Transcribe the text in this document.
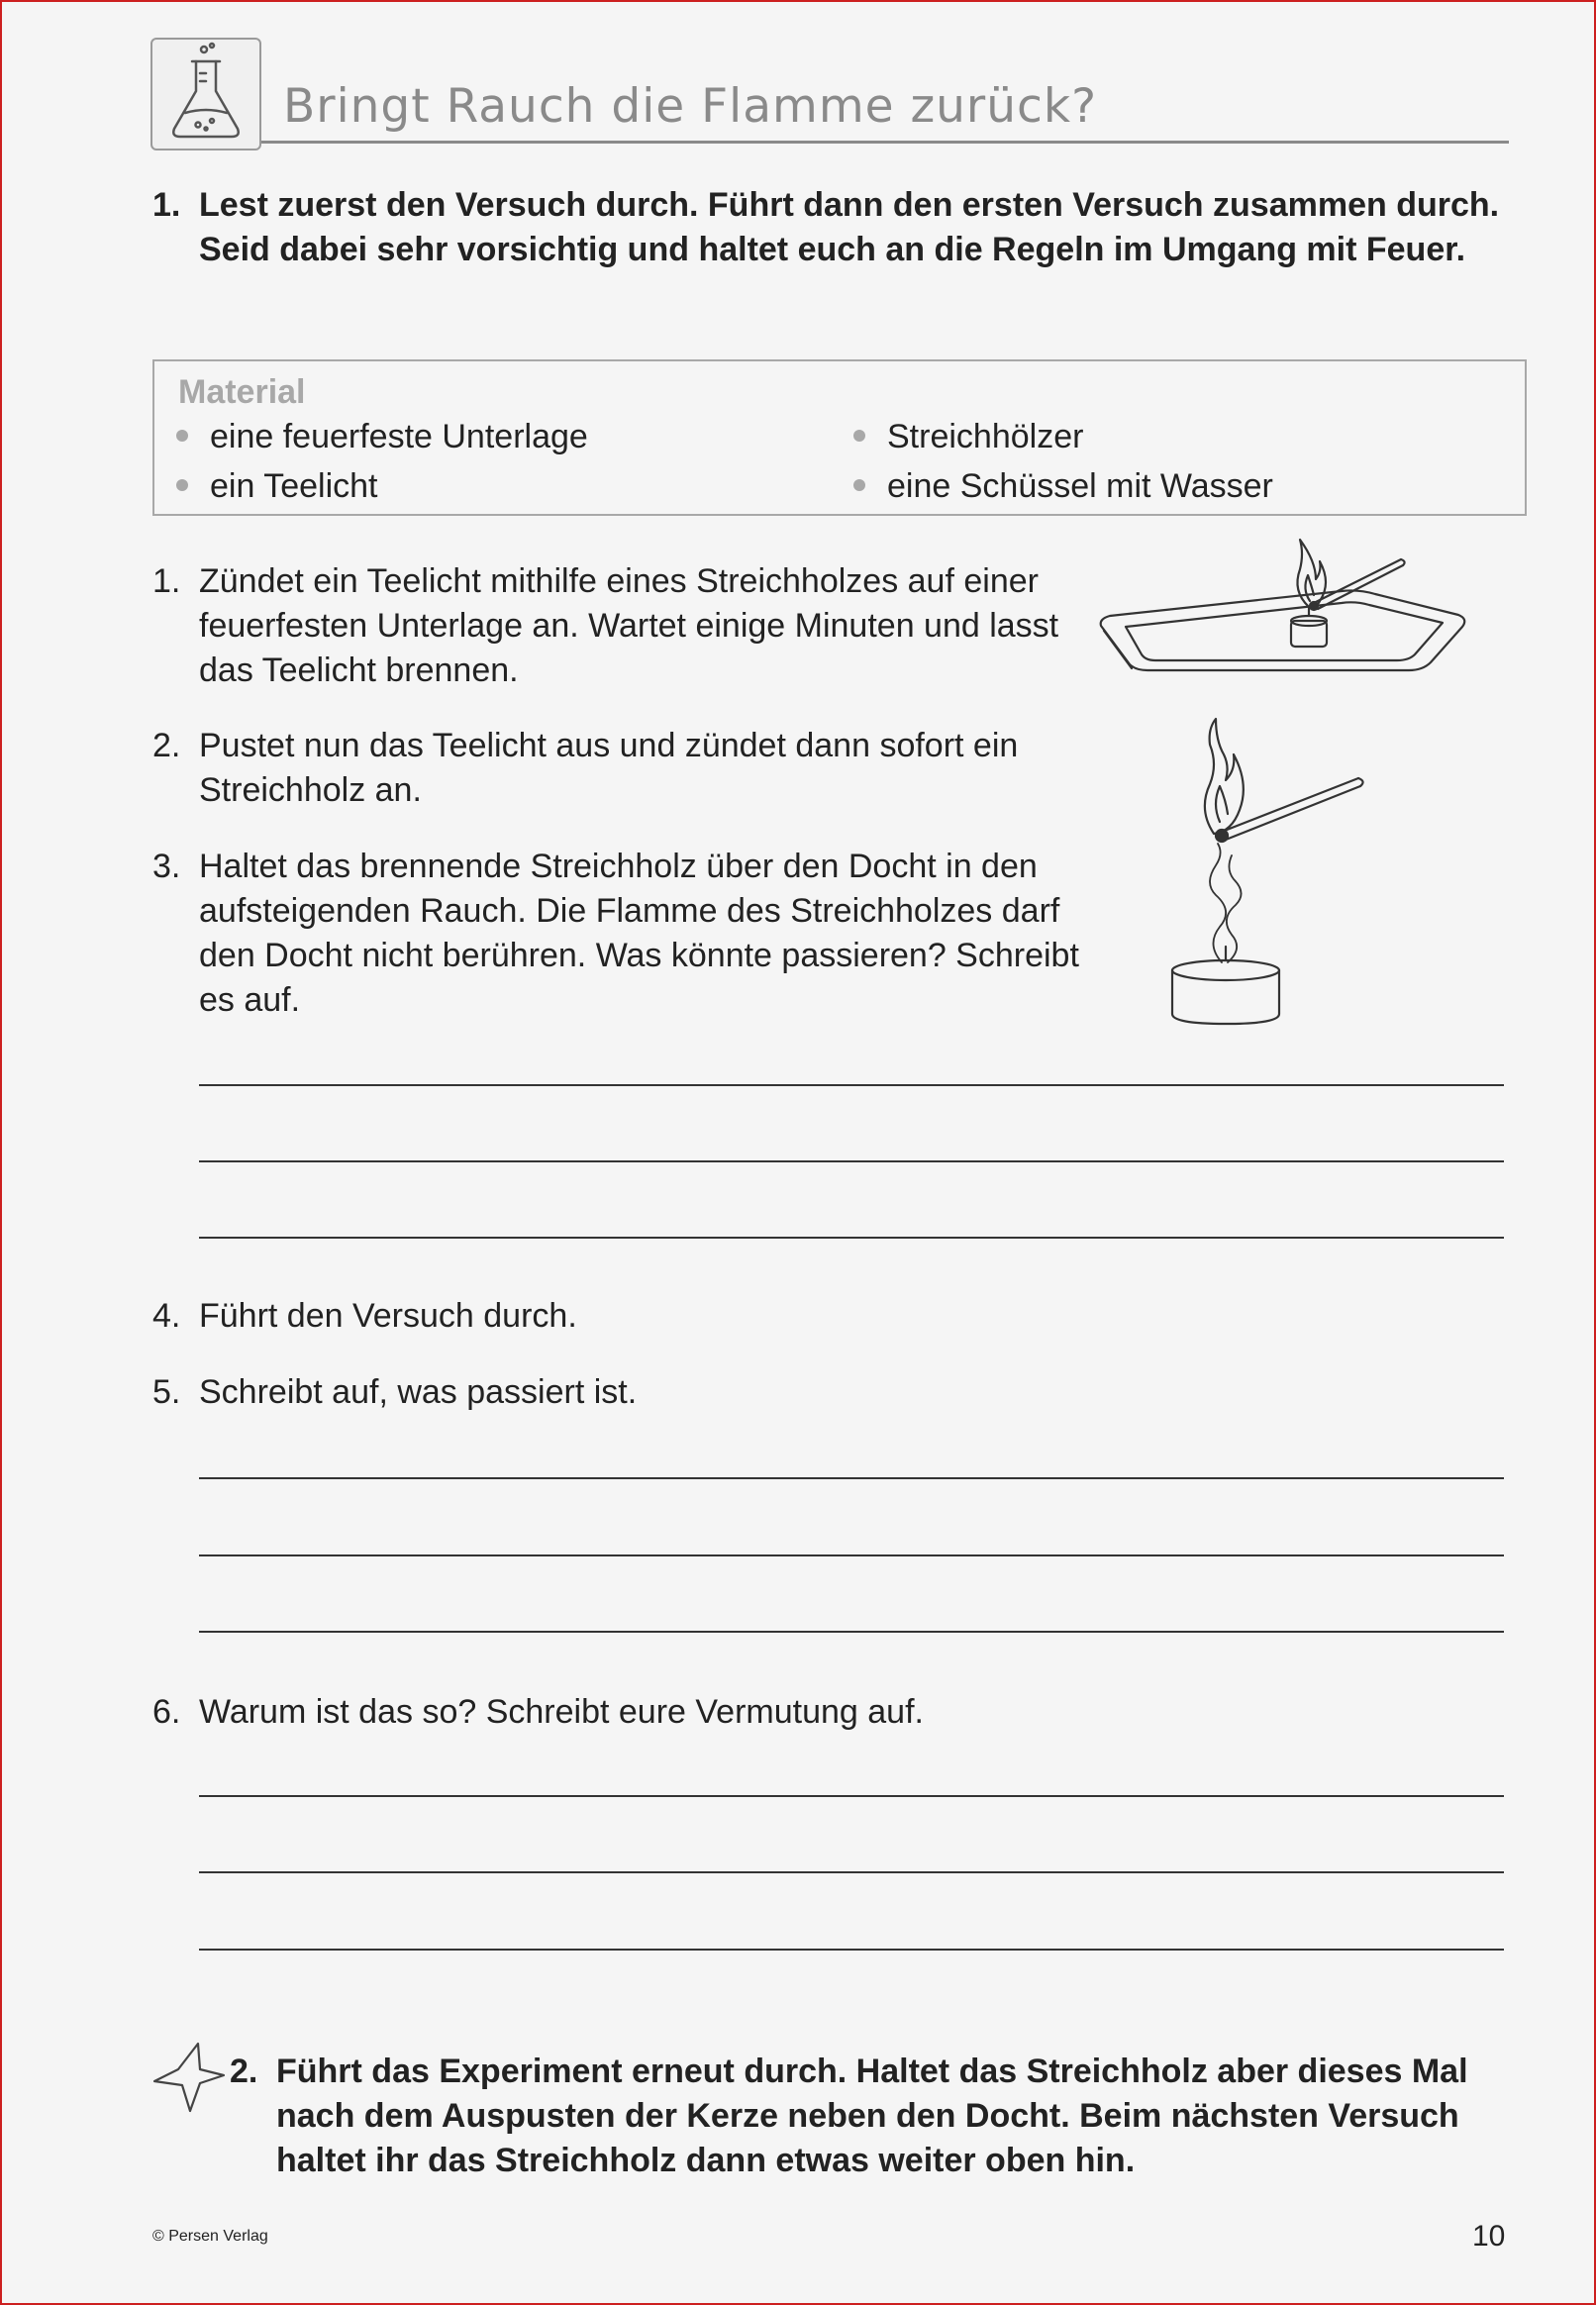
Bringt Rauch die Flamme zurück?
1. Lest zuerst den Versuch durch. Führt dann den ersten Versuch zusammen durch. Seid dabei sehr vorsichtig und haltet euch an die Regeln im Umgang mit Feuer.
Material
eine feuerfeste Unterlage
ein Teelicht
Streichhölzer
eine Schüssel mit Wasser
1. Zündet ein Teelicht mithilfe eines Streichholzes auf einer feuerfesten Unterlage an. Wartet einige Minuten und lasst das Teelicht brennen.
2. Pustet nun das Teelicht aus und zündet dann sofort ein Streichholz an.
3. Haltet das brennende Streichholz über den Docht in den aufsteigenden Rauch. Die Flamme des Streichholzes darf den Docht nicht berühren. Was könnte passieren? Schreibt es auf.
4. Führt den Versuch durch.
5. Schreibt auf, was passiert ist.
6. Warum ist das so? Schreibt eure Vermutung auf.
2. Führt das Experiment erneut durch. Haltet das Streichholz aber dieses Mal nach dem Auspusten der Kerze neben den Docht. Beim nächsten Versuch haltet ihr das Streichholz dann etwas weiter oben hin.
© Persen Verlag	10
